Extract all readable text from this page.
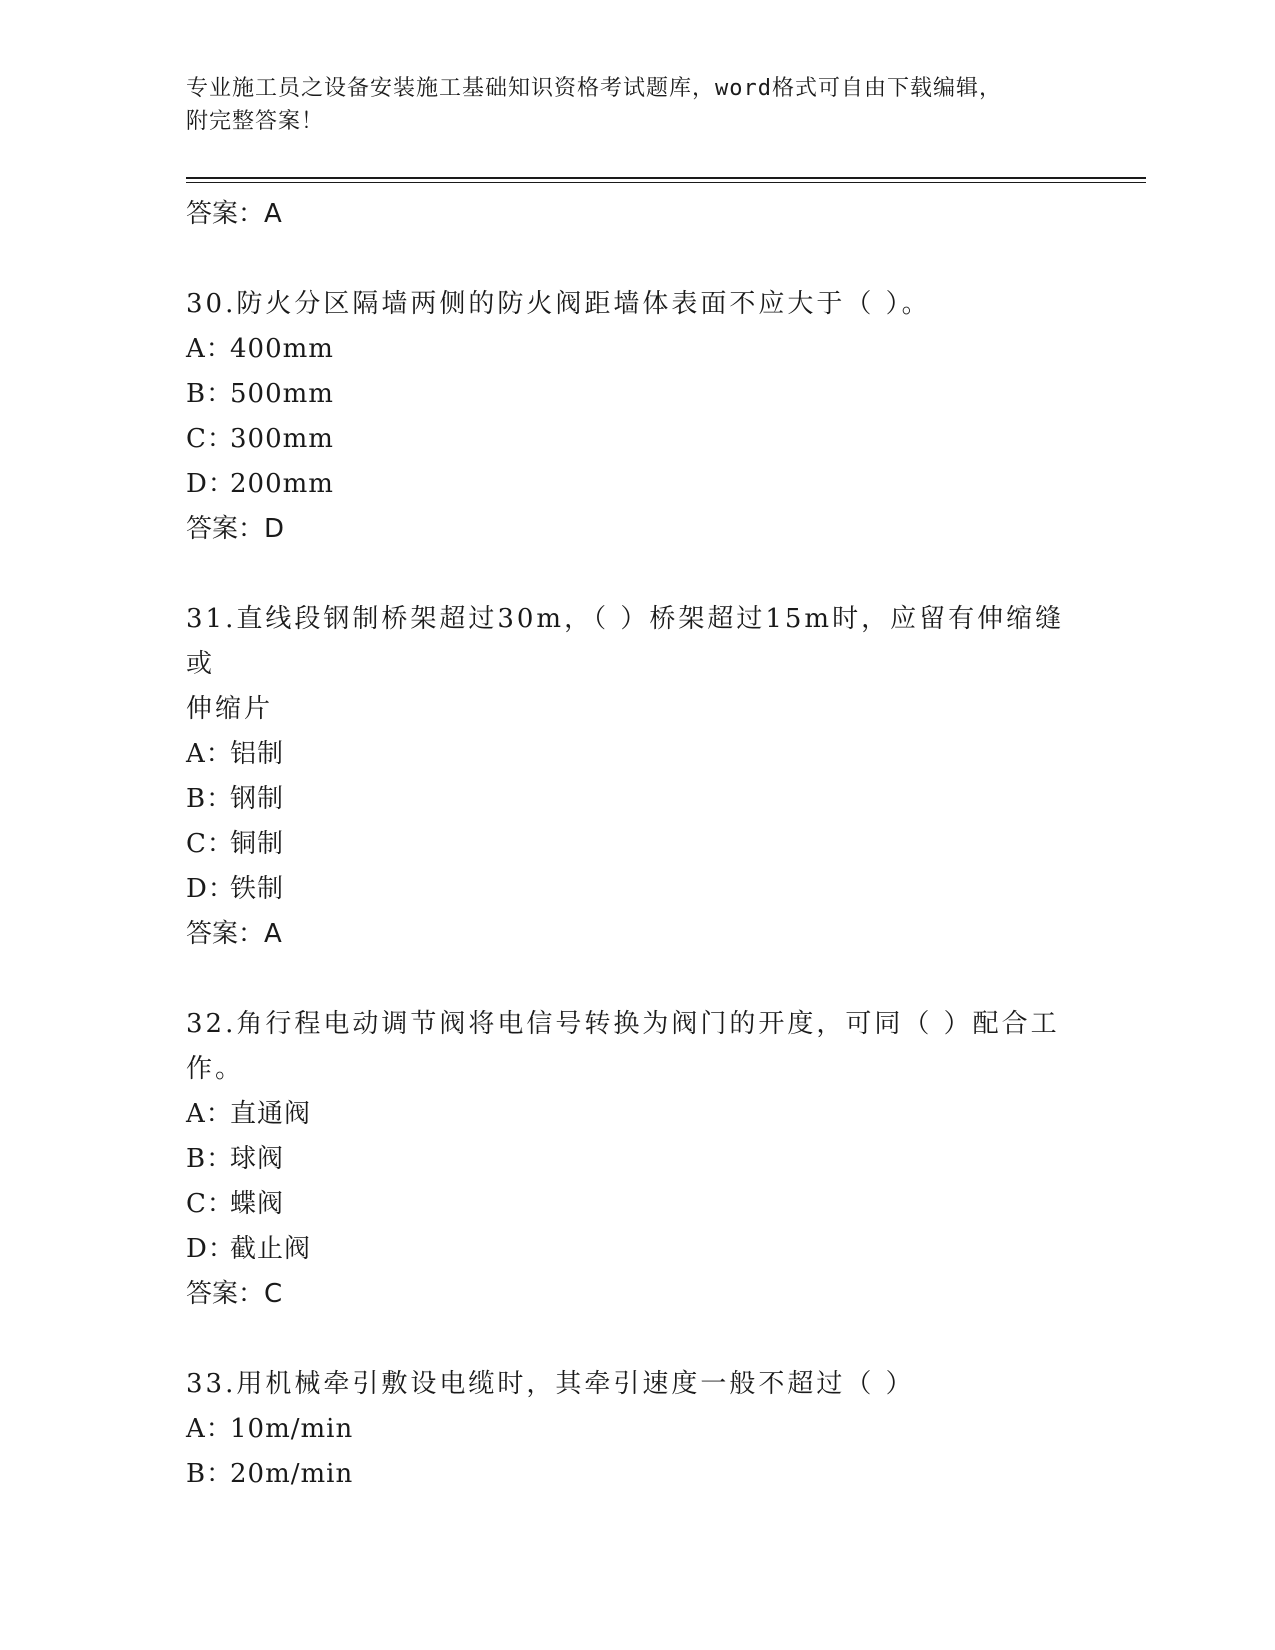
专业施工员之设备安装施工基础知识资格考试题库，word格式可自由下载编辑，
附完整答案！

答案：A

30.防火分区隔墙两侧的防火阀距墙体表面不应大于（ ）。

A：400mm

B：500mm

C：300mm

D：200mm

答案：D

31.直线段钢制桥架超过30m，（ ）桥架超过15m时，应留有伸缩缝或

伸缩片

A：铝制

B：钢制

C：铜制

D：铁制

答案：A

32.角行程电动调节阀将电信号转换为阀门的开度，可同（ ）配合工

作。

A：直通阀

B：球阀

C：蝶阀

D：截止阀

答案：C

33.用机械牵引敷设电缆时，其牵引速度一般不超过（ ）

A：10m/min

B：20m/min
